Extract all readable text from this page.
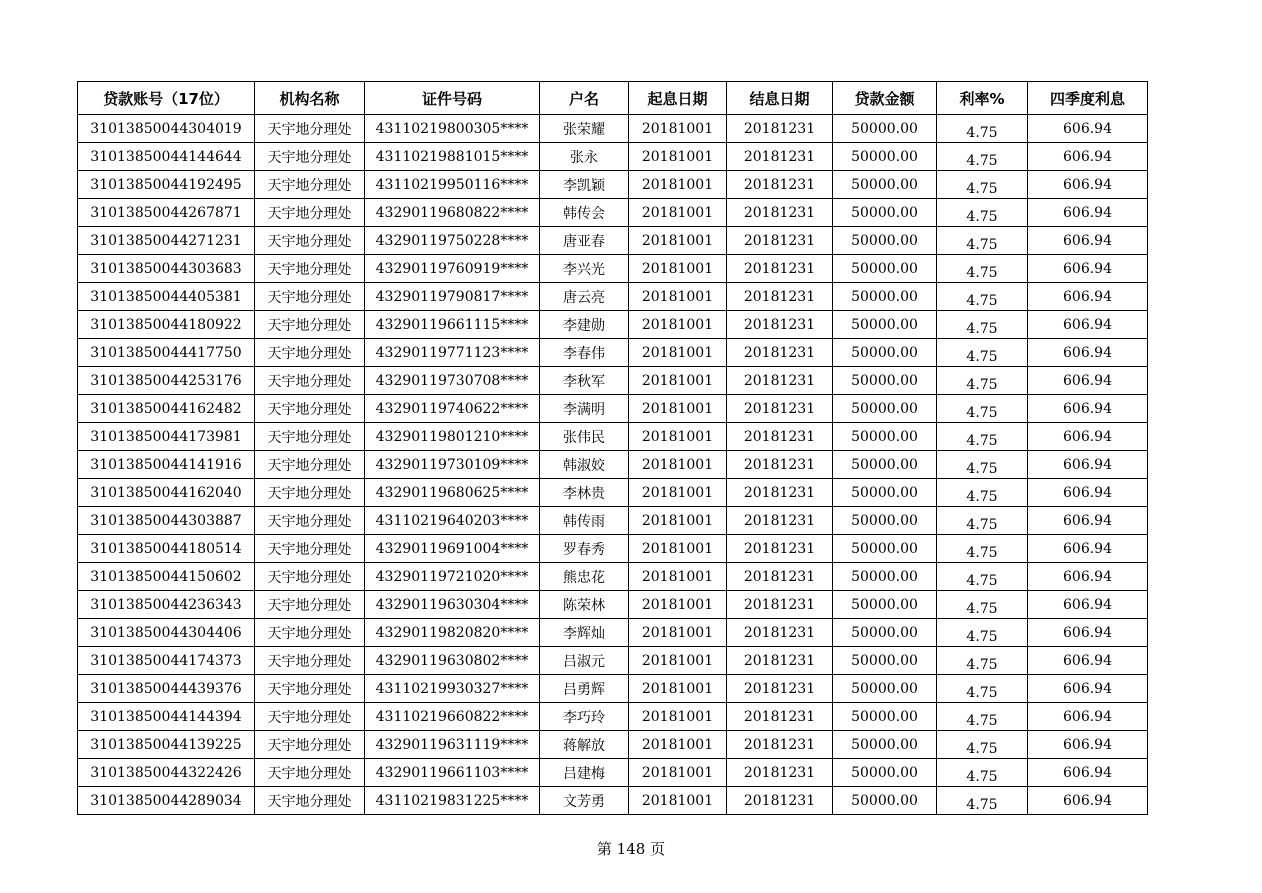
贷款账号（17位）	机构名称	证件号码	户名	起息日期	结息日期	贷款金额	利率%	四季度利息
31013850044304019	天宇地分理处	43110219800305****	张荣耀	20181001	20181231	50000.00	4.75	606.94
31013850044144644	天宇地分理处	43110219881015****	张永	20181001	20181231	50000.00	4.75	606.94
31013850044192495	天宇地分理处	43110219950116****	李凯颖	20181001	20181231	50000.00	4.75	606.94
31013850044267871	天宇地分理处	43290119680822****	韩传会	20181001	20181231	50000.00	4.75	606.94
31013850044271231	天宇地分理处	43290119750228****	唐亚春	20181001	20181231	50000.00	4.75	606.94
31013850044303683	天宇地分理处	43290119760919****	李兴光	20181001	20181231	50000.00	4.75	606.94
31013850044405381	天宇地分理处	43290119790817****	唐云亮	20181001	20181231	50000.00	4.75	606.94
31013850044180922	天宇地分理处	43290119661115****	李建勋	20181001	20181231	50000.00	4.75	606.94
31013850044417750	天宇地分理处	43290119771123****	李春伟	20181001	20181231	50000.00	4.75	606.94
31013850044253176	天宇地分理处	43290119730708****	李秋军	20181001	20181231	50000.00	4.75	606.94
31013850044162482	天宇地分理处	43290119740622****	李满明	20181001	20181231	50000.00	4.75	606.94
31013850044173981	天宇地分理处	43290119801210****	张伟民	20181001	20181231	50000.00	4.75	606.94
31013850044141916	天宇地分理处	43290119730109****	韩淑姣	20181001	20181231	50000.00	4.75	606.94
31013850044162040	天宇地分理处	43290119680625****	李林贵	20181001	20181231	50000.00	4.75	606.94
31013850044303887	天宇地分理处	43110219640203****	韩传雨	20181001	20181231	50000.00	4.75	606.94
31013850044180514	天宇地分理处	43290119691004****	罗春秀	20181001	20181231	50000.00	4.75	606.94
31013850044150602	天宇地分理处	43290119721020****	熊忠花	20181001	20181231	50000.00	4.75	606.94
31013850044236343	天宇地分理处	43290119630304****	陈荣林	20181001	20181231	50000.00	4.75	606.94
31013850044304406	天宇地分理处	43290119820820****	李辉灿	20181001	20181231	50000.00	4.75	606.94
31013850044174373	天宇地分理处	43290119630802****	吕淑元	20181001	20181231	50000.00	4.75	606.94
31013850044439376	天宇地分理处	43110219930327****	吕勇辉	20181001	20181231	50000.00	4.75	606.94
31013850044144394	天宇地分理处	43110219660822****	李巧玲	20181001	20181231	50000.00	4.75	606.94
31013850044139225	天宇地分理处	43290119631119****	蒋解放	20181001	20181231	50000.00	4.75	606.94
31013850044322426	天宇地分理处	43290119661103****	吕建梅	20181001	20181231	50000.00	4.75	606.94
31013850044289034	天宇地分理处	43110219831225****	文芳勇	20181001	20181231	50000.00	4.75	606.94
第 148 页
